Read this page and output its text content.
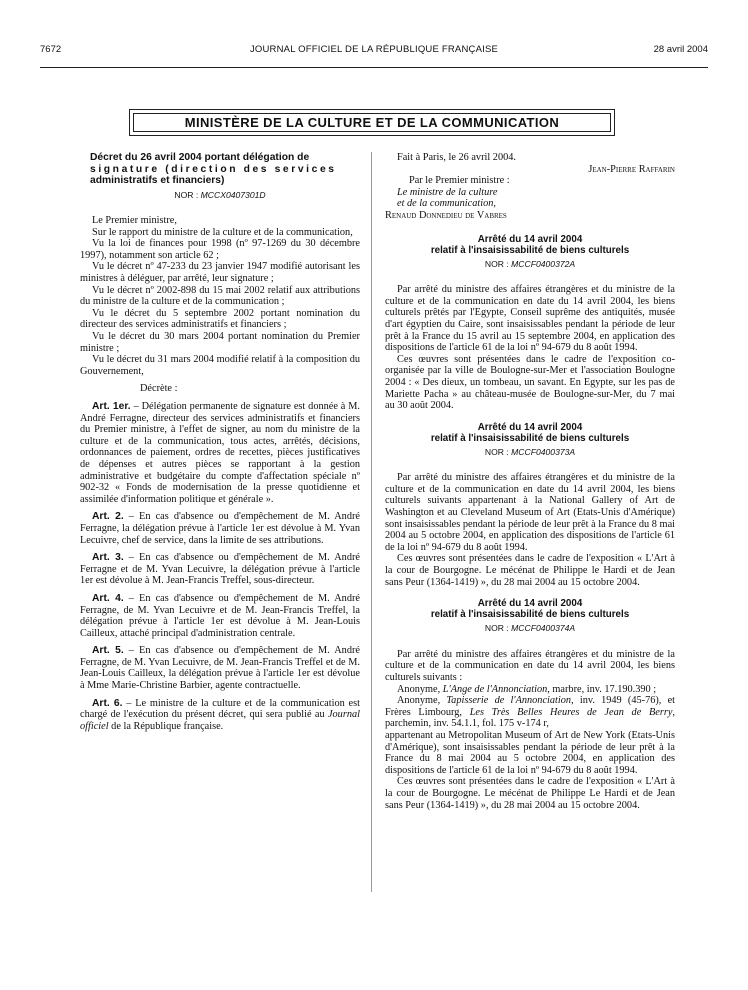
7672	JOURNAL OFFICIEL DE LA RÉPUBLIQUE FRANÇAISE	28 avril 2004
MINISTÈRE DE LA CULTURE ET DE LA COMMUNICATION
Décret du 26 avril 2004 portant délégation de
signature (direction des services
administratifs et financiers)
NOR : MCCX0407301D

Le Premier ministre,

Sur le rapport du ministre de la culture et de la communication,

Vu la loi de finances pour 1998 (nº 97-1269 du 30 décembre 1997), notamment son article 62 ;

Vu le décret nº 47-233 du 23 janvier 1947 modifié autorisant les ministres à déléguer, par arrêté, leur signature ;

Vu le décret nº 2002-898 du 15 mai 2002 relatif aux attributions du ministre de la culture et de la communication ;

Vu le décret du 5 septembre 2002 portant nomination du directeur des services administratifs et financiers ;

Vu le décret du 30 mars 2004 portant nomination du Premier ministre ;

Vu le décret du 31 mars 2004 modifié relatif à la composition du Gouvernement,

Décrète :

Art. 1er. – Délégation permanente de signature est donnée à M. André Ferragne, directeur des services administratifs et financiers du Premier ministre, à l'effet de signer, au nom du ministre de la culture et de la communication, tous actes, arrêtés, décisions, ordonnances de paiement, ordres de recettes, pièces justificatives de dépenses et autres pièces se rapportant à la gestion administrative et budgétaire du compte d'affectation spéciale nº 902-32 « Fonds de modernisation de la presse quotidienne et assimilée d'information politique et générale ».

Art. 2. – En cas d'absence ou d'empêchement de M. André Ferragne, la délégation prévue à l'article 1er est dévolue à M. Yvan Lecuivre, chef de service, dans la limite de ses attributions.

Art. 3. – En cas d'absence ou d'empêchement de M. André Ferragne et de M. Yvan Lecuivre, la délégation prévue à l'article 1er est dévolue à M. Jean-Francis Treffel, sous-directeur.

Art. 4. – En cas d'absence ou d'empêchement de M. André Ferragne, de M. Yvan Lecuivre et de M. Jean-Francis Treffel, la délégation prévue à l'article 1er est dévolue à M. Jean-Louis Cailleux, attaché principal d'administration centrale.

Art. 5. – En cas d'absence ou d'empêchement de M. André Ferragne, de M. Yvan Lecuivre, de M. Jean-Francis Treffel et de M. Jean-Louis Cailleux, la délégation prévue à l'article 1er est dévolue à Mme Marie-Christine Barbier, agente contractuelle.

Art. 6. – Le ministre de la culture et de la communication est chargé de l'exécution du présent décret, qui sera publié au Journal officiel de la République française.

Fait à Paris, le 26 avril 2004.

Jean-Pierre Raffarin

Par le Premier ministre :

Le ministre de la culture

et de la communication,

Renaud Donnedieu de Vabres

Arrêté du 14 avril 2004
relatif à l'insaisissabilité de biens culturels
NOR : MCCF0400372A

Par arrêté du ministre des affaires étrangères et du ministre de la culture et de la communication en date du 14 avril 2004, les biens culturels prêtés par l'Egypte, Conseil suprême des antiquités, musée d'art égyptien du Caire, sont insaisissables pendant la période de leur prêt à la France du 15 avril au 15 septembre 2004, en application des dispositions de l'article 61 de la loi nº 94-679 du 8 août 1994.

Ces œuvres sont présentées dans le cadre de l'exposition co-organisée par la ville de Boulogne-sur-Mer et l'association Boulogne 2004 : « Des dieux, un tombeau, un savant. En Egypte, sur les pas de Mariette Pacha » au château-musée de Boulogne-sur-Mer, du 7 mai au 30 août 2004.

Arrêté du 14 avril 2004
relatif à l'insaisissabilité de biens culturels
NOR : MCCF0400373A

Par arrêté du ministre des affaires étrangères et du ministre de la culture et de la communication en date du 14 avril 2004, les biens culturels suivants appartenant à la National Gallery of Art de Washington et au Cleveland Museum of Art (Etats-Unis d'Amérique) sont insaisissables pendant la période de leur prêt à la France du 8 mai 2004 au 5 octobre 2004, en application des dispositions de l'article 61 de la loi nº 94-679 du 8 août 1994.

Ces œuvres sont présentées dans le cadre de l'exposition « L'Art à la cour de Bourgogne. Le mécénat de Philippe le Hardi et de Jean sans Peur (1364-1419) », du 28 mai 2004 au 15 octobre 2004.

Arrêté du 14 avril 2004
relatif à l'insaisissabilité de biens culturels
NOR : MCCF0400374A

Par arrêté du ministre des affaires étrangères et du ministre de la culture et de la communication en date du 14 avril 2004, les biens culturels suivants :

Anonyme, L'Ange de l'Annonciation, marbre, inv. 17.190.390 ;

Anonyme, Tapisserie de l'Annonciation, inv. 1949 (45-76), et Frères Limbourg, Les Très Belles Heures de Jean de Berry, parchemin, inv. 54.1.1, fol. 175 v-174 r,

appartenant au Metropolitan Museum of Art de New York (Etats-Unis d'Amérique), sont insaisissables pendant la période de leur prêt à la France du 8 mai 2004 au 5 octobre 2004, en application des dispositions de l'article 61 de la loi nº 94-679 du 8 août 1994.

Ces œuvres sont présentées dans le cadre de l'exposition « L'Art à la cour de Bourgogne. Le mécénat de Philippe Le Hardi et de Jean sans Peur (1364-1419) », du 28 mai 2004 au 15 octobre 2004.
